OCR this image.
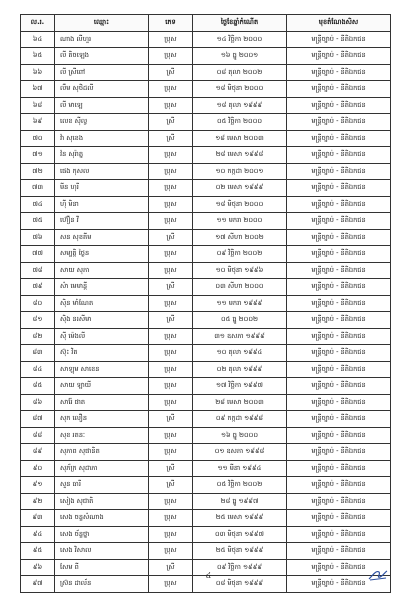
ល.រ.	ឈ្មោះ	ភេទ	ថ្ងៃខែឆ្នាំកំណើត	មុខតំណែងសិស
៦៤	ណាង លីហួរ	ប្រុស	១៤ វិច្ឆិកា ២០០០	មន្ត្រីច្បាប់ - នីតិឯកជន
៦៥	លី តិចឡេង	ប្រុស	១៦ ធ្នូ ២០០១	មន្ត្រីច្បាប់ - នីតិឯកជន
៦៦	លី ស្រីពៅ	ស្រី	០៨ តុលា ២០០២	មន្ត្រីច្បាប់ - នីតិឯកជន
៦៧	លឹម សុថិដលី	ប្រុស	១៨ មិថុនា ២០០០	មន្ត្រីច្បាប់ - នីតិឯកជន
៦៨	លី មាឡេ	ប្រុស	១៨ តុលា ១៩៩៩	មន្ត្រីច្បាប់ - នីតិឯកជន
៦៩	លេខ ស៊ីល្វ	ស្រី	០៥ វិច្ឆិកា ២០០០	មន្ត្រីច្បាប់ - នីតិឯកជន
៧០	វ៉ា សុខេង	ស្រី	១៨ មេសា ២០០៣	មន្ត្រីច្បាប់ - នីតិឯកជន
៧១	វ៉ន សុរ៉ាត្ន	ប្រុស	២៨ មេសា ១៩៩៨	មន្ត្រីច្បាប់ - នីតិឯកជន
៧២	ផេង កុសល	ប្រុស	១០ កក្កដា ២០០១	មន្ត្រីច្បាប់ - នីតិឯកជន
៧៣	មីន ហុរី	ប្រុស	០២ មេសា ១៩៩៩	មន្ត្រីច្បាប់ - នីតិឯកជន
៧៤	ហ៊ី មិនា	ប្រុស	១៨ មិថុនា ២០០០	មន្ត្រីច្បាប់ - នីតិឯកជន
៧៥	ហ៊ឿន វី	ប្រុស	១១ មករា ២០០០	មន្ត្រីច្បាប់ - នីតិឯកជន
៧៦	សន សុខគីម	ស្រី	១៧ សីហា ២០០២	មន្ត្រីច្បាប់ - នីតិឯកជន
៧៧	សម្បត្តិ ថ្ងៃន	ប្រុស	០៩ វិច្ឆិកា ២០០២	មន្ត្រីច្បាប់ - នីតិឯកជន
៧៨	សាយ សុភា	ប្រុស	១០ មិថុនា ១៩៩៦	មន្ត្រីច្បាប់ - នីតិឯកជន
៧៩	សំា មេមាន្តី	ស្រី	០៣ សីហា ២០០០	មន្ត្រីច្បាប់ - នីតិឯកជន
៨០	ស៊ិន មាំណែត	ប្រុស	១១ មករា ១៩៩៩	មន្ត្រីច្បាប់ - នីតិឯកជន
៨១	ស៊ិង នរសីមា	ស្រី	០៥ ធ្នូ ២០០២	មន្ត្រីច្បាប់ - នីតិឯកជន
៨២	ស៊ី ម៉េងលី	ប្រុស	៣១ ឧសភា ១៩៩៩	មន្ត្រីច្បាប់ - នីតិឯកជន
៨៣	ស៊ុះ វិត	ប្រុស	១០ តុលា ១៩៩៤	មន្ត្រីច្បាប់ - នីតិឯកជន
៨៤	សាឡុម សាខេន	ប្រុស	០២ តុលា ១៩៩៩	មន្ត្រីច្បាប់ - នីតិឯកជន
៨៥	សាយ ឡាយី	ប្រុស	១៧ វិច្ឆិកា ១៩៩៧	មន្ត្រីច្បាប់ - នីតិឯកជន
៨៦	សារ៉ែ ផាត	ប្រុស	២៨ មេសា ២០០៣	មន្ត្រីច្បាប់ - នីតិឯកជន
៨៧	សុក លឿន	ស្រី	០៩ កក្កដា ១៩៩៨	មន្ត្រីច្បាប់ - នីតិឯកជន
៨៨	សុខ រតនៈ	ប្រុស	១៦ ធ្នូ ២០០០	មន្ត្រីច្បាប់ - នីតិឯកជន
៨៩	សុភាព សុផានិត	ប្រុស	០១ ឧសភា ១៩៩៨	មន្ត្រីច្បាប់ - នីតិឯកជន
៩០	សុភ័ក្រ សុដាភា	ស្រី	១១ មីនា ១៩៩៤	មន្ត្រីច្បាប់ - នីតិឯកជន
៩១	សួន ធារី	ស្រី	០៥ វិច្ឆិកា ២០០២	មន្ត្រីច្បាប់ - នីតិឯកជន
៩២	សៀង សុជាតិ	ប្រុស	២៨ ធ្នូ ១៩៩៧	មន្ត្រីច្បាប់ - នីតិឯកជន
៩៣	សេង ចន្ទសំណាង	ប្រុស	២៥ មេសា ១៩៩៩	មន្ត្រីច្បាប់ - នីតិឯកជន
៩៤	សេង ច័ន្ទថ្នា	ប្រុស	០៣ មិថុនា ១៩៩៧	មន្ត្រីច្បាប់ - នីតិឯកជន
៩៥	សេង វិសាល	ប្រុស	២៥ មិថុនា ១៩៩៩	មន្ត្រីច្បាប់ - នីតិឯកជន
៩៦	សែម ពី	ស្រី	០៩ វិច្ឆិកា ១៩៩៩	មន្ត្រីច្បាប់ - នីតិឯកជន
៩៧	ស្រ៊ន ដាល័ន	ប្រុស	០៨ មិថុនា ១៩៩៩	មន្ត្រីច្បាប់ - នីតិឯកជន
៤
